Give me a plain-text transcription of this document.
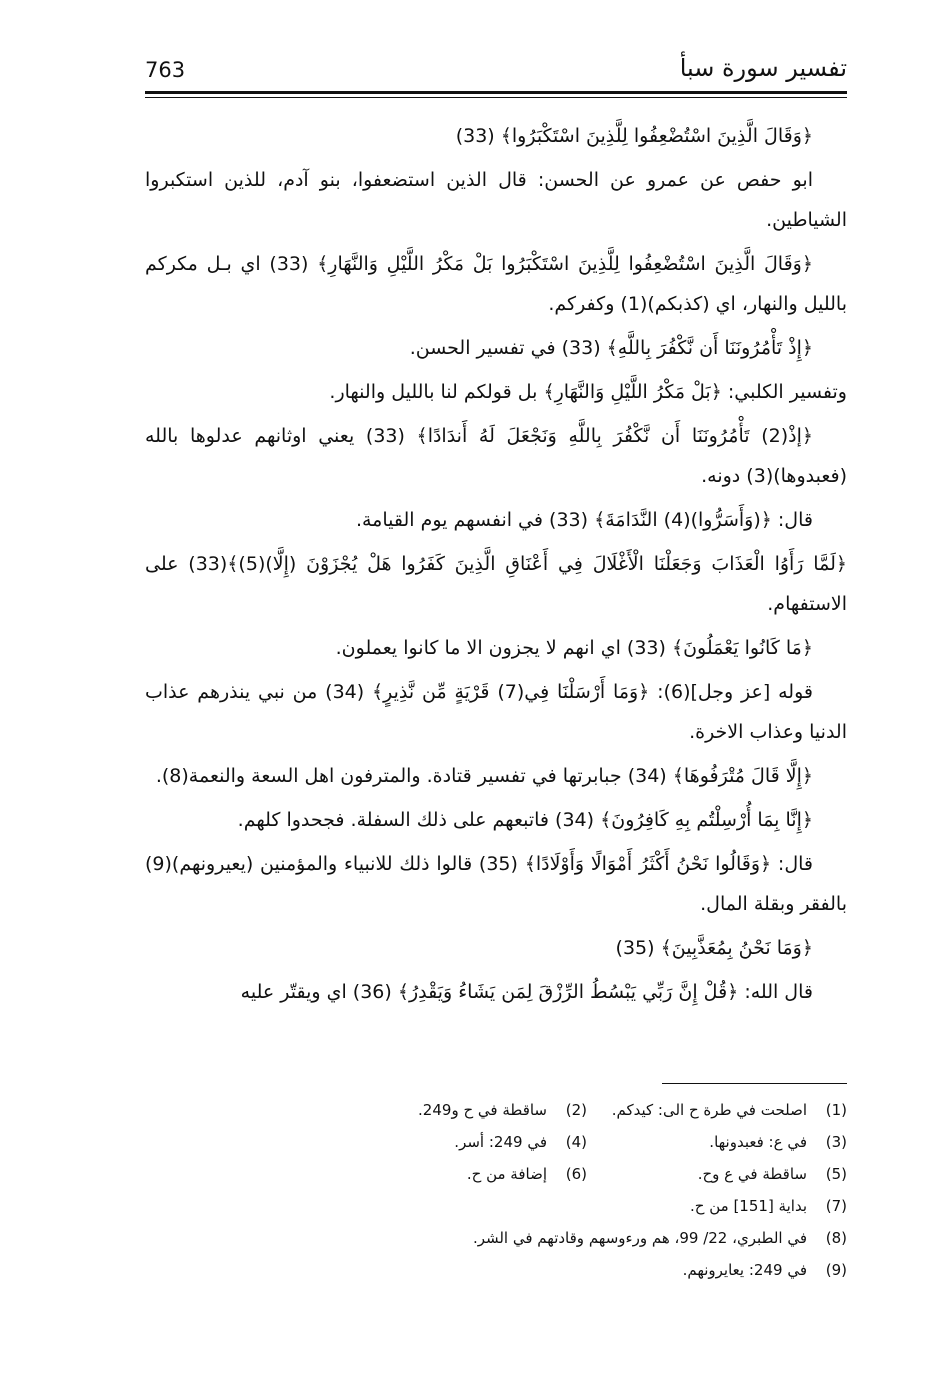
763	تفسير سورة سبأ

﴿وَقَالَ الَّذِينَ اسْتُضْعِفُوا لِلَّذِينَ اسْتَكْبَرُوا﴾ (33)

ابو حفص عن عمرو عن الحسن: قال الذين استضعفوا، بنو آدم، للذين استكبروا الشياطين.

﴿وَقَالَ الَّذِينَ اسْتُضْعِفُوا لِلَّذِينَ اسْتَكْبَرُوا بَلْ مَكْرُ اللَّيْلِ وَالنَّهَارِ﴾ (33) اي بـل مكركم بالليل والنهار، اي (كذبكم)(1) وكفركم.

﴿إِذْ تَأْمُرُونَنَا أَن نَّكْفُرَ بِاللَّهِ﴾ (33) في تفسير الحسن.

وتفسير الكلبي: ﴿بَلْ مَكْرُ اللَّيْلِ وَالنَّهَارِ﴾ بل قولكم لنا بالليل والنهار.

﴿إذْ(2) تَأْمُرُونَنَا أَن نَّكْفُرَ بِاللَّهِ وَنَجْعَلَ لَهُ أَندَادًا﴾ (33) يعني اوثانهم عدلوها بالله (فعبدوها)(3) دونه.

قال: ﴿(وَأَسَرُّوا)(4) النَّدَامَةَ﴾ (33) في انفسهم يوم القيامة.

﴿لَمَّا رَأَوُا الْعَذَابَ وَجَعَلْنَا الْأَغْلَالَ فِي أَعْنَاقِ الَّذِينَ كَفَرُوا هَلْ يُجْزَوْنَ (إِلَّا)(5)﴾(33) على الاستفهام.

﴿مَا كَانُوا يَعْمَلُونَ﴾ (33) اي انهم لا يجزون الا ما كانوا يعملون.

قوله [عز وجل](6): ﴿وَمَا أَرْسَلْنَا فِي(7) قَرْيَةٍ مِّن نَّذِيرٍ﴾ (34) من نبي ينذرهم عذاب الدنيا وعذاب الاخرة.

﴿إِلَّا قَالَ مُتْرَفُوهَا﴾ (34) جبابرتها في تفسير قتادة. والمترفون اهل السعة والنعمة(8).

﴿إِنَّا بِمَا أُرْسِلْتُم بِهِ كَافِرُونَ﴾ (34) فاتبعهم على ذلك السفلة. فجحدوا كلهم.

قال: ﴿وَقَالُوا نَحْنُ أَكْثَرُ أَمْوَالًا وَأَوْلَادًا﴾ (35) قالوا ذلك للانبياء والمؤمنين (يعيرونهم)(9) بالفقر وبقلة المال.

﴿وَمَا نَحْنُ بِمُعَذَّبِينَ﴾ (35)

قال الله: ﴿قُلْ إِنَّ رَبِّي يَبْسُطُ الرِّزْقَ لِمَن يَشَاءُ وَيَقْدِرُ﴾ (36) اي ويقتّر عليه

(1)
اصلحت في طرة ح الى: كيدكم.
(2)
ساقطة في ح و249.
(3)
في ع: فعبدونها.
(4)
في 249: أسر.
(5)
ساقطة في ع وح.
(6)
إضافة من ح.
(7)
بداية [151] من ح.
(8)
في الطبري، 22/ 99، هم ورءوسهم وقادتهم في الشر.
(9)
في 249: يعايرونهم.
